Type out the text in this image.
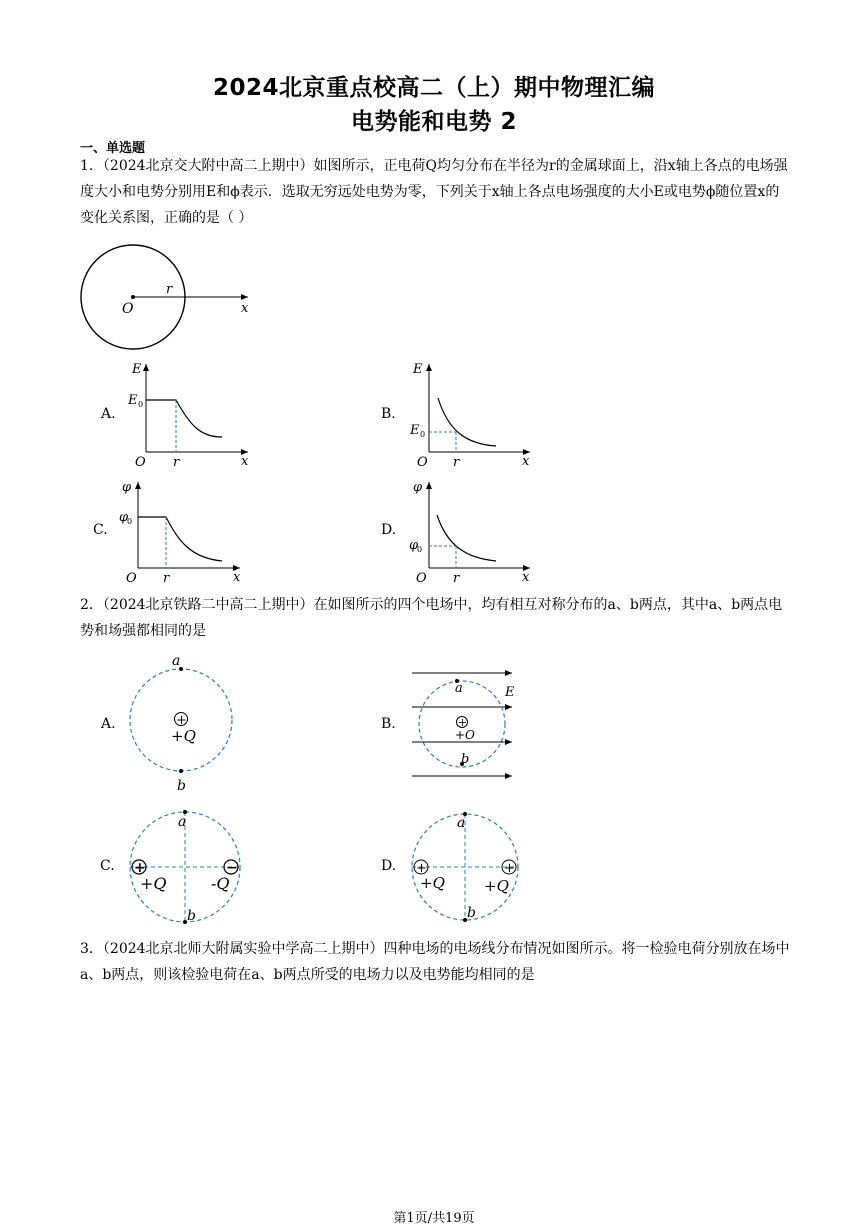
2024北京重点校高二（上）期中物理汇编
电势能和电势 2
一、单选题
1．（2024北京交大附中高二上期中）如图所示，正电荷Q均匀分布在半径为r的金属球面上，沿x轴上各点的电场强度大小和电势分别用E和ϕ表示．选取无穷远处电势为零，下列关于x轴上各点电场强度的大小E或电势ϕ随位置x的变化关系图，正确的是（ ）
2．（2024北京铁路二中高二上期中）在如图所示的四个电场中，均有相互对称分布的a、b两点，其中a、b两点电势和场强都相同的是
3．（2024北京北师大附属实验中学高二上期中）四种电场的电场线分布情况如图所示。将一检验电荷分别放在场中a、b两点，则该检验电荷在a、b两点所受的电场力以及电势能均相同的是
A.	B.
C.	D.
A.	B.
C.	D.
O
r
x
E
E 0
O r	x
E
E 0
O r	x
φ
φ
0
O r	x
φ
φ
0
O r	x
a
b
+
+Q
a
b
E
+
+O
a
b
+	−
+Q	-Q
a
b
+	+
+Q	+Q
第1页/共19页
